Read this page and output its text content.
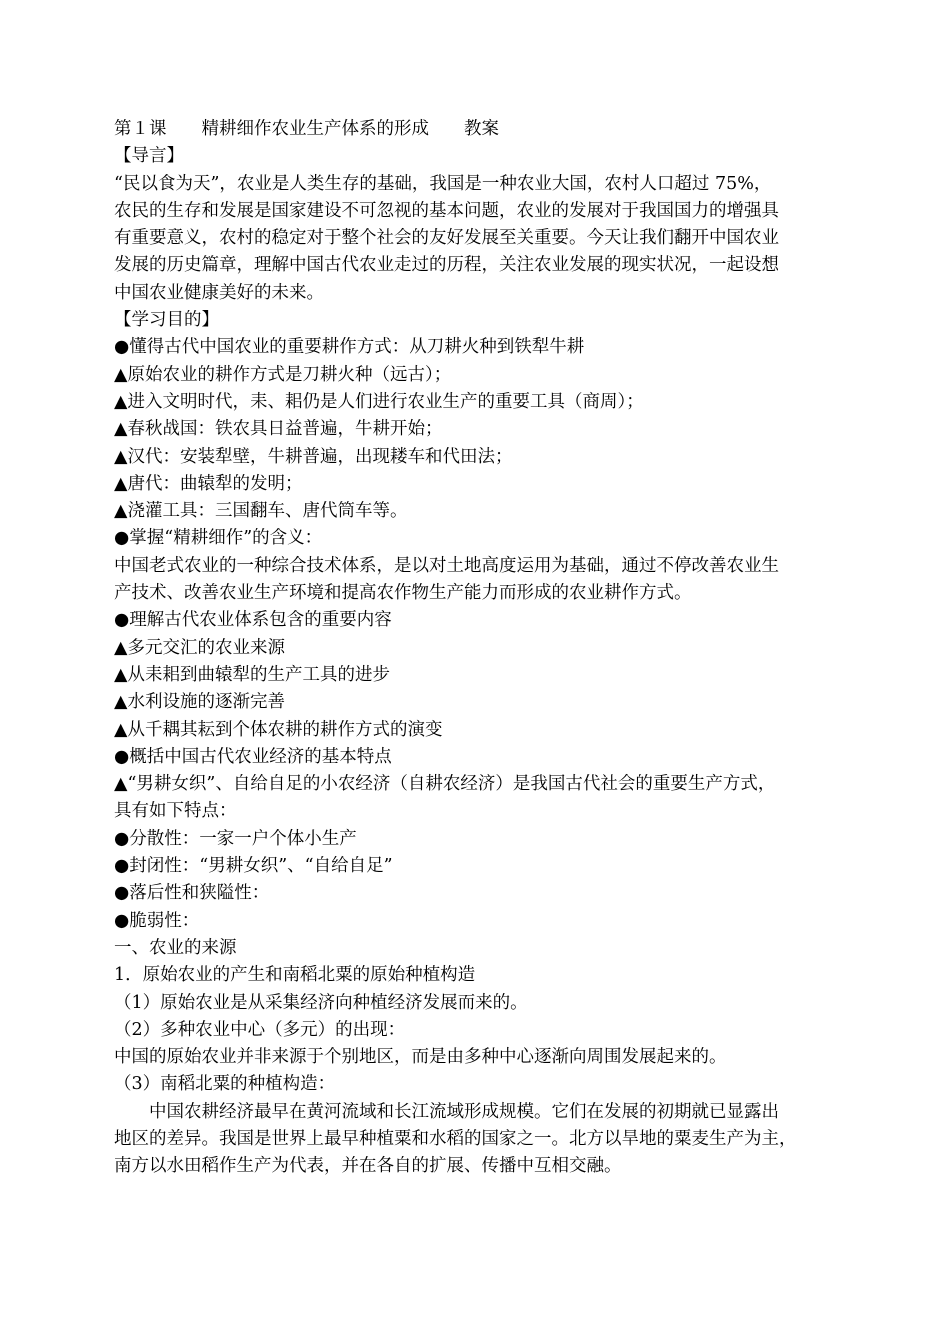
第１课　　精耕细作农业生产体系的形成　　教案
【导言】
“民以食为天”，农业是人类生存的基础，我国是一种农业大国，农村人口超过 75%，
农民的生存和发展是国家建设不可忽视的基本问题，农业的发展对于我国国力的增强具
有重要意义，农村的稳定对于整个社会的友好发展至关重要。今天让我们翻开中国农业
发展的历史篇章，理解中国古代农业走过的历程，关注农业发展的现实状况，一起设想
中国农业健康美好的未来。
【学习目的】
●懂得古代中国农业的重要耕作方式：从刀耕火种到铁犁牛耕
▲原始农业的耕作方式是刀耕火种（远古）；
▲进入文明时代，耒、耜仍是人们进行农业生产的重要工具（商周）；
▲春秋战国：铁农具日益普遍，牛耕开始；
▲汉代：安装犁壁，牛耕普遍，出现耧车和代田法；
▲唐代：曲辕犁的发明；
▲浇灌工具：三国翻车、唐代筒车等。
●掌握“精耕细作”的含义：
中国老式农业的一种综合技术体系，是以对土地高度运用为基础，通过不停改善农业生
产技术、改善农业生产环境和提高农作物生产能力而形成的农业耕作方式。
●理解古代农业体系包含的重要内容
▲多元交汇的农业来源
▲从耒耜到曲辕犁的生产工具的进步
▲水利设施的逐渐完善
▲从千耦其耘到个体农耕的耕作方式的演变
●概括中国古代农业经济的基本特点
▲“男耕女织”、自给自足的小农经济（自耕农经济）是我国古代社会的重要生产方式，
具有如下特点：
●分散性：一家一户个体小生产
●封闭性：“男耕女织”、“自给自足”
●落后性和狭隘性：
●脆弱性：
一、农业的来源
1．原始农业的产生和南稻北粟的原始种植构造
（1）原始农业是从采集经济向种植经济发展而来的。
（2）多种农业中心（多元）的出现：
中国的原始农业并非来源于个别地区，而是由多种中心逐渐向周围发展起来的。
（3）南稻北粟的种植构造：
　　中国农耕经济最早在黄河流域和长江流域形成规模。它们在发展的初期就已显露出
地区的差异。我国是世界上最早种植粟和水稻的国家之一。北方以旱地的粟麦生产为主，
南方以水田稻作生产为代表，并在各自的扩展、传播中互相交融。
